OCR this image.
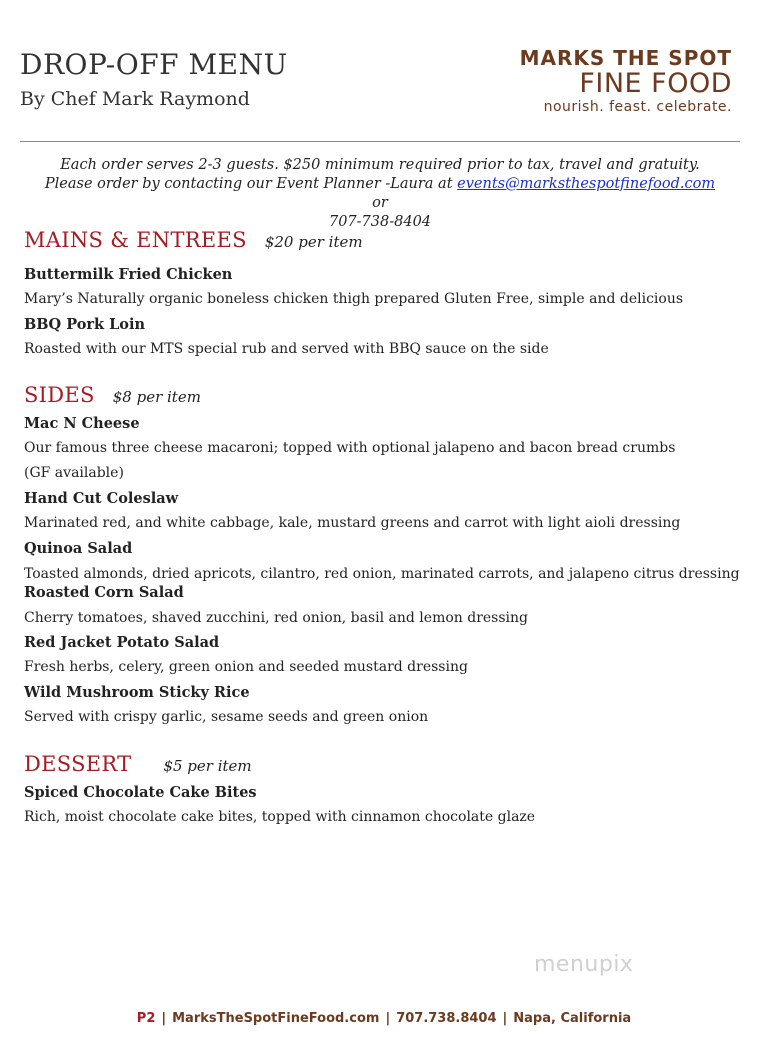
DROP-OFF MENU
By Chef Mark Raymond
MARKS THE SPOT
FINE FOOD
nourish. feast. celebrate.
Each order serves 2-3 guests. $250 minimum required prior to tax, travel and gratuity.
Please order by contacting our Event Planner -Laura at events@marksthespotfinefood.com or
707-738-8404
MAINS & ENTREES $20 per item
Buttermilk Fried Chicken
Mary’s Naturally organic boneless chicken thigh prepared Gluten Free, simple and delicious
BBQ Pork Loin
Roasted with our MTS special rub and served with BBQ sauce on the side
SIDES $8 per item
Mac N Cheese
Our famous three cheese macaroni; topped with optional jalapeno and bacon bread crumbs
(GF available)
Hand Cut Coleslaw
Marinated red, and white cabbage, kale, mustard greens and carrot with light aioli dressing
Quinoa Salad
Toasted almonds, dried apricots, cilantro, red onion, marinated carrots, and jalapeno citrus dressing
Roasted Corn Salad
Cherry tomatoes, shaved zucchini, red onion, basil and lemon dressing
Red Jacket Potato Salad
Fresh herbs, celery, green onion and seeded mustard dressing
Wild Mushroom Sticky Rice
Served with crispy garlic, sesame seeds and green onion
DESSERT $5 per item
Spiced Chocolate Cake Bites
Rich, moist chocolate cake bites, topped with cinnamon chocolate glaze
menupix
P2 | MarksTheSpotFineFood.com | 707.738.8404 | Napa, California
